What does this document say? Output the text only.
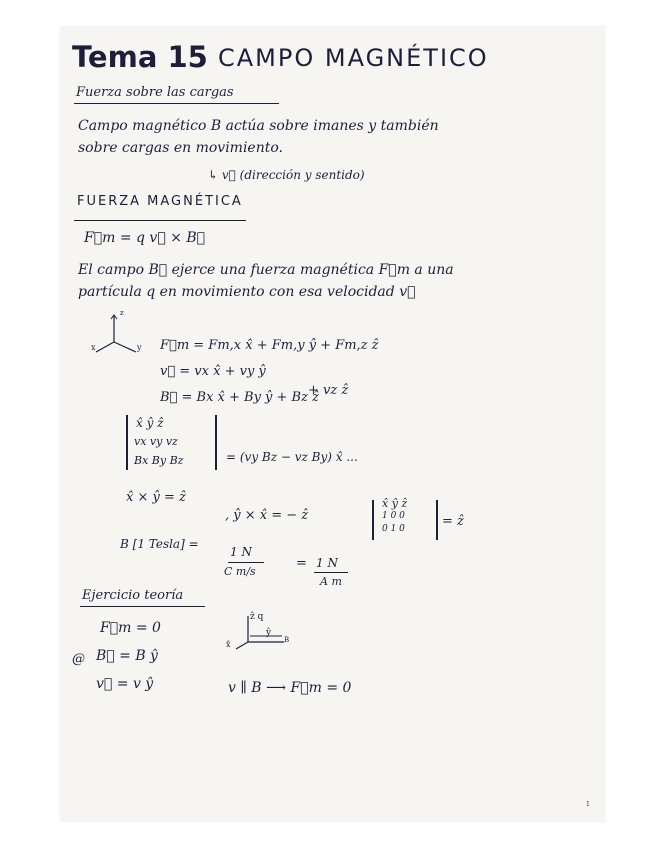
Tema 15 CAMPO MAGNÉTICO
Fuerza sobre las cargas
Campo magnético B actúa sobre imanes y también
sobre cargas en movimiento.
↳ v⃗ (dirección y sentido)
FUERZA MAGNÉTICA
F⃗m = q v⃗ × B⃗
El campo B⃗ ejerce una fuerza magnética F⃗m a una
partícula q en movimiento con esa velocidad v⃗
z
x	y F⃗m = Fm,x x̂ + Fm,y ŷ + Fm,z ẑ
v⃗ = vx x̂ + vy ŷ
+ vz ẑ
B⃗ = Bx x̂ + By ŷ + Bz ẑ
x̂ ŷ ẑ
vx vy vz
Bx By Bz	= (vy Bz − vz By) x̂ ...
x̂ × ŷ = ẑ
, ŷ × x̂ = − ẑ
x̂ ŷ ẑ
1 0 0
0 1 0	= ẑ
B [1 Tesla] =
1 N
C m/s
= 1 N
A m
Ejercicio teoría
F⃗m = 0
@ B⃗ = B ŷ
v⃗ = v ŷ	v ∥ B ⟶ F⃗m = 0
ẑ q
ŷ
x̂	B
1
